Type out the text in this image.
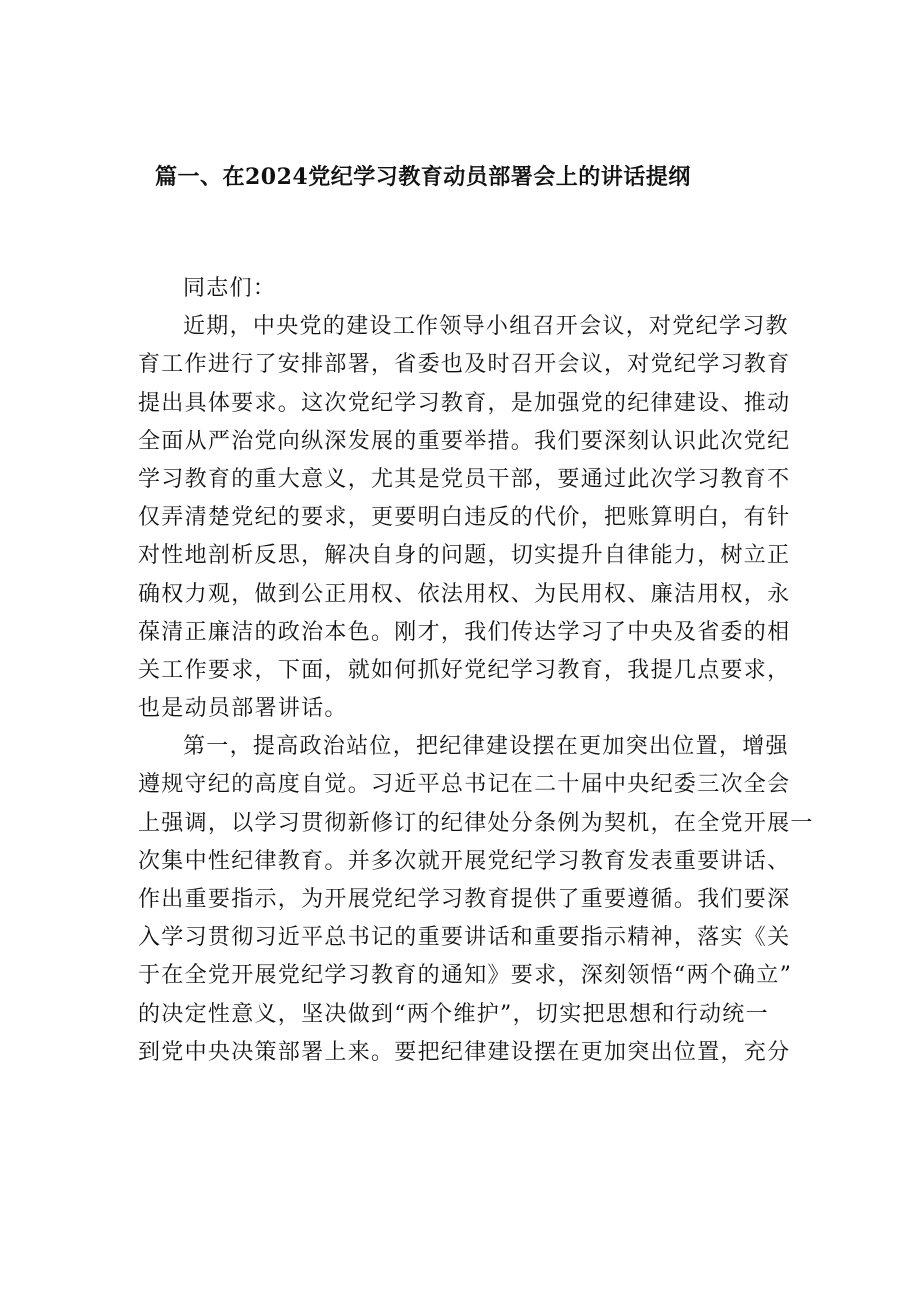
篇一、在2024党纪学习教育动员部署会上的讲话提纲
同志们：
近期，中央党的建设工作领导小组召开会议，对党纪学习教
育工作进行了安排部署，省委也及时召开会议，对党纪学习教育
提出具体要求。这次党纪学习教育，是加强党的纪律建设、推动
全面从严治党向纵深发展的重要举措。我们要深刻认识此次党纪
学习教育的重大意义，尤其是党员干部，要通过此次学习教育不
仅弄清楚党纪的要求，更要明白违反的代价，把账算明白，有针
对性地剖析反思，解决自身的问题，切实提升自律能力，树立正
确权力观，做到公正用权、依法用权、为民用权、廉洁用权，永
葆清正廉洁的政治本色。刚才，我们传达学习了中央及省委的相
关工作要求，下面，就如何抓好党纪学习教育，我提几点要求，
也是动员部署讲话。
第一，提高政治站位，把纪律建设摆在更加突出位置，增强
遵规守纪的高度自觉。习近平总书记在二十届中央纪委三次全会
上强调，以学习贯彻新修订的纪律处分条例为契机，在全党开展一
次集中性纪律教育。并多次就开展党纪学习教育发表重要讲话、
作出重要指示，为开展党纪学习教育提供了重要遵循。我们要深
入学习贯彻习近平总书记的重要讲话和重要指示精神，落实《关
于在全党开展党纪学习教育的通知》要求，深刻领悟“两个确立”
的决定性意义，坚决做到“两个维护”，切实把思想和行动统一
到党中央决策部署上来。要把纪律建设摆在更加突出位置，充分
